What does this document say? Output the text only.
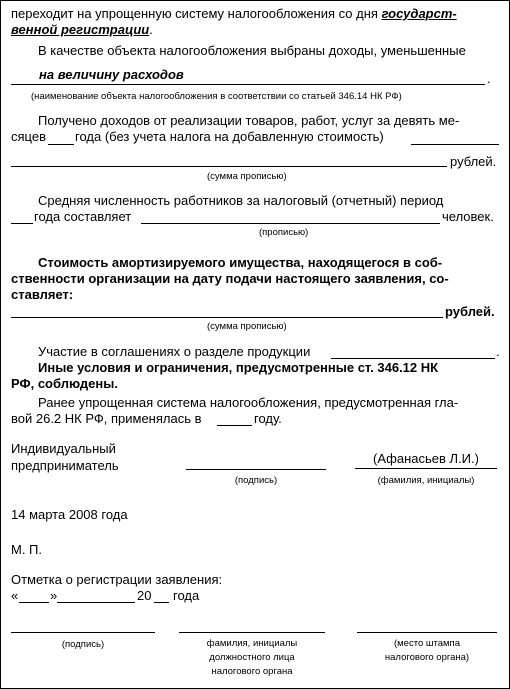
переходит на упрощенную систему налогообложения со дня государст-
венной регистрации.
В качестве объекта налогообложения выбраны доходы, уменьшенные
на величину расходов	.
(наименование объекта налогообложения в соответствии со статьей 346.14 НК РФ)
Получено доходов от реализации товаров, работ, услуг за девять ме-
сяцев года (без учета налога на добавленную стоимость)
рублей.
(сумма прописью)
Средняя численность работников за налоговый (отчетный) период
года составляет	человек.
(прописью)
Стоимость амортизируемого имущества, находящегося в соб-
ственности организации на дату подачи настоящего заявления, со-
ставляет:
рублей.
(сумма прописью)
Участие в соглашениях о разделе продукции	.
Иные условия и ограничения, предусмотренные ст. 346.12 НК
РФ, соблюдены.
Ранее упрощенная система налогообложения, предусмотренная гла-
вой 26.2 НК РФ, применялась в	году.
Индивидуальный
предприниматель
(подпись)
(Афанасьев Л.И.)
(фамилия, инициалы)
14 марта 2008 года
М. П.
Отметка о регистрации заявления:
« »	20 года
(подпись)	фамилия, инициалы
должностного лица
налогового органа
(место штампа
налогового органа)
